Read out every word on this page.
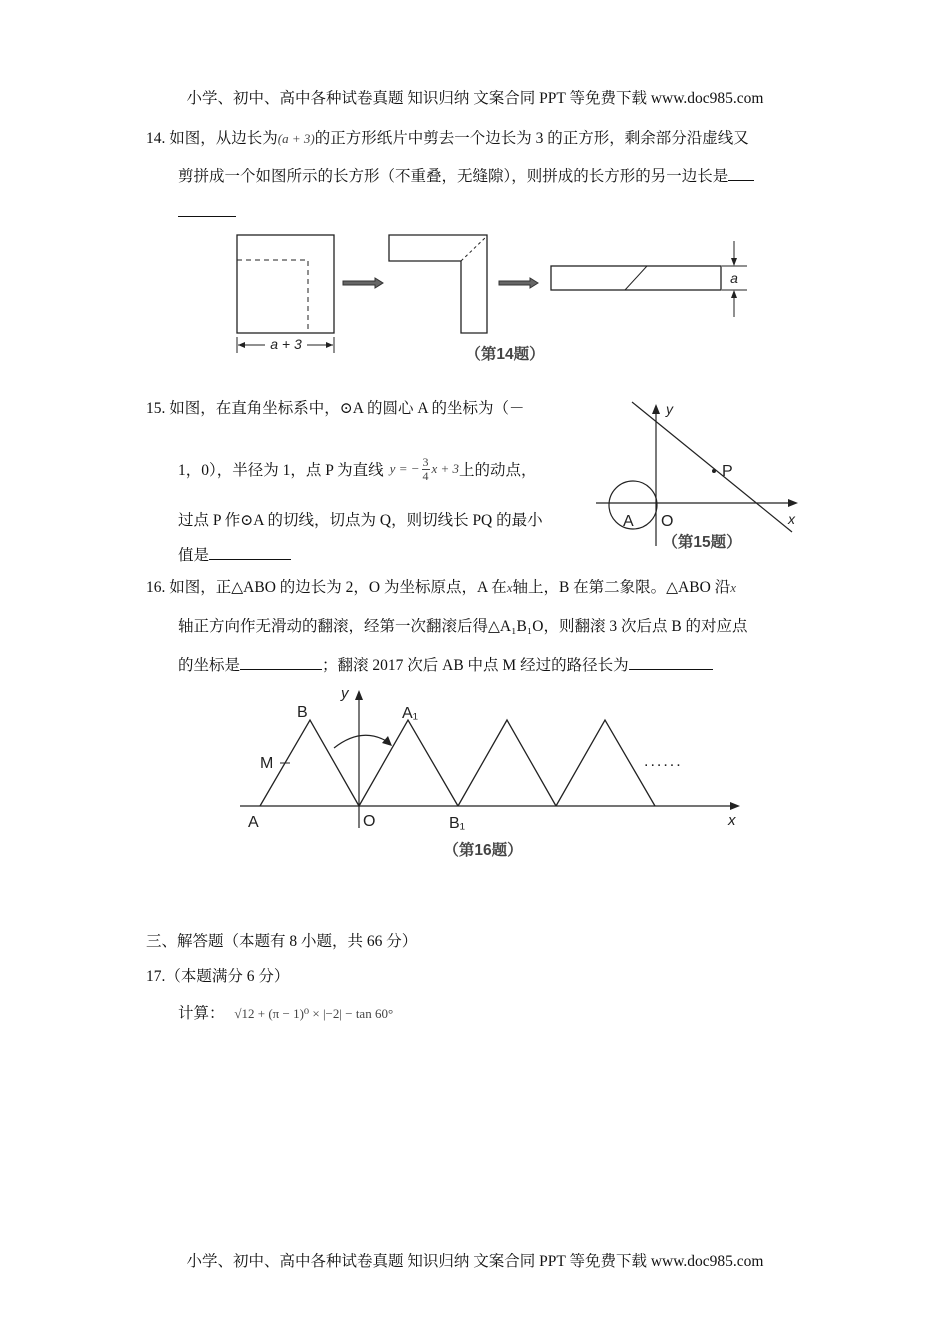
小学、初中、高中各种试卷真题 知识归纳 文案合同 PPT 等免费下载 www.doc985.com
14. 如图，从边长为(a + 3)的正方形纸片中剪去一个边长为 3 的正方形，剩余部分沿虚线又
剪拼成一个如图所示的长方形（不重叠，无缝隙），则拼成的长方形的另一边长是
a + 3
a
（第14题）
15. 如图，在直角坐标系中，⊙A 的圆心 A 的坐标为（－
1，0），半径为 1，点 P 为直线 y = − $\frac{3}{4}$ x + 3 上的动点，
过点 P 作⊙A 的切线，切点为 Q，则切线长 PQ 的最小
值是
y
x
P
A O
（第15题）
16. 如图，正△ABO 的边长为 2，O 为坐标原点，A 在x轴上，B 在第二象限。△ABO 沿x
轴正方向作无滑动的翻滚，经第一次翻滚后得△A₁B₁O，则翻滚 3 次后点 B 的对应点
的坐标是	；翻滚 2017 次后 AB 中点 M 经过的路径长为
y
x
B	A₁
M
A	O	B₁
......
（第16题）
三、解答题（本题有 8 小题，共 66 分）
17.（本题满分 6 分）
计算： √12 + (π − 1)⁰ × |−2| − tan 60°
小学、初中、高中各种试卷真题 知识归纳 文案合同 PPT 等免费下载 www.doc985.com
